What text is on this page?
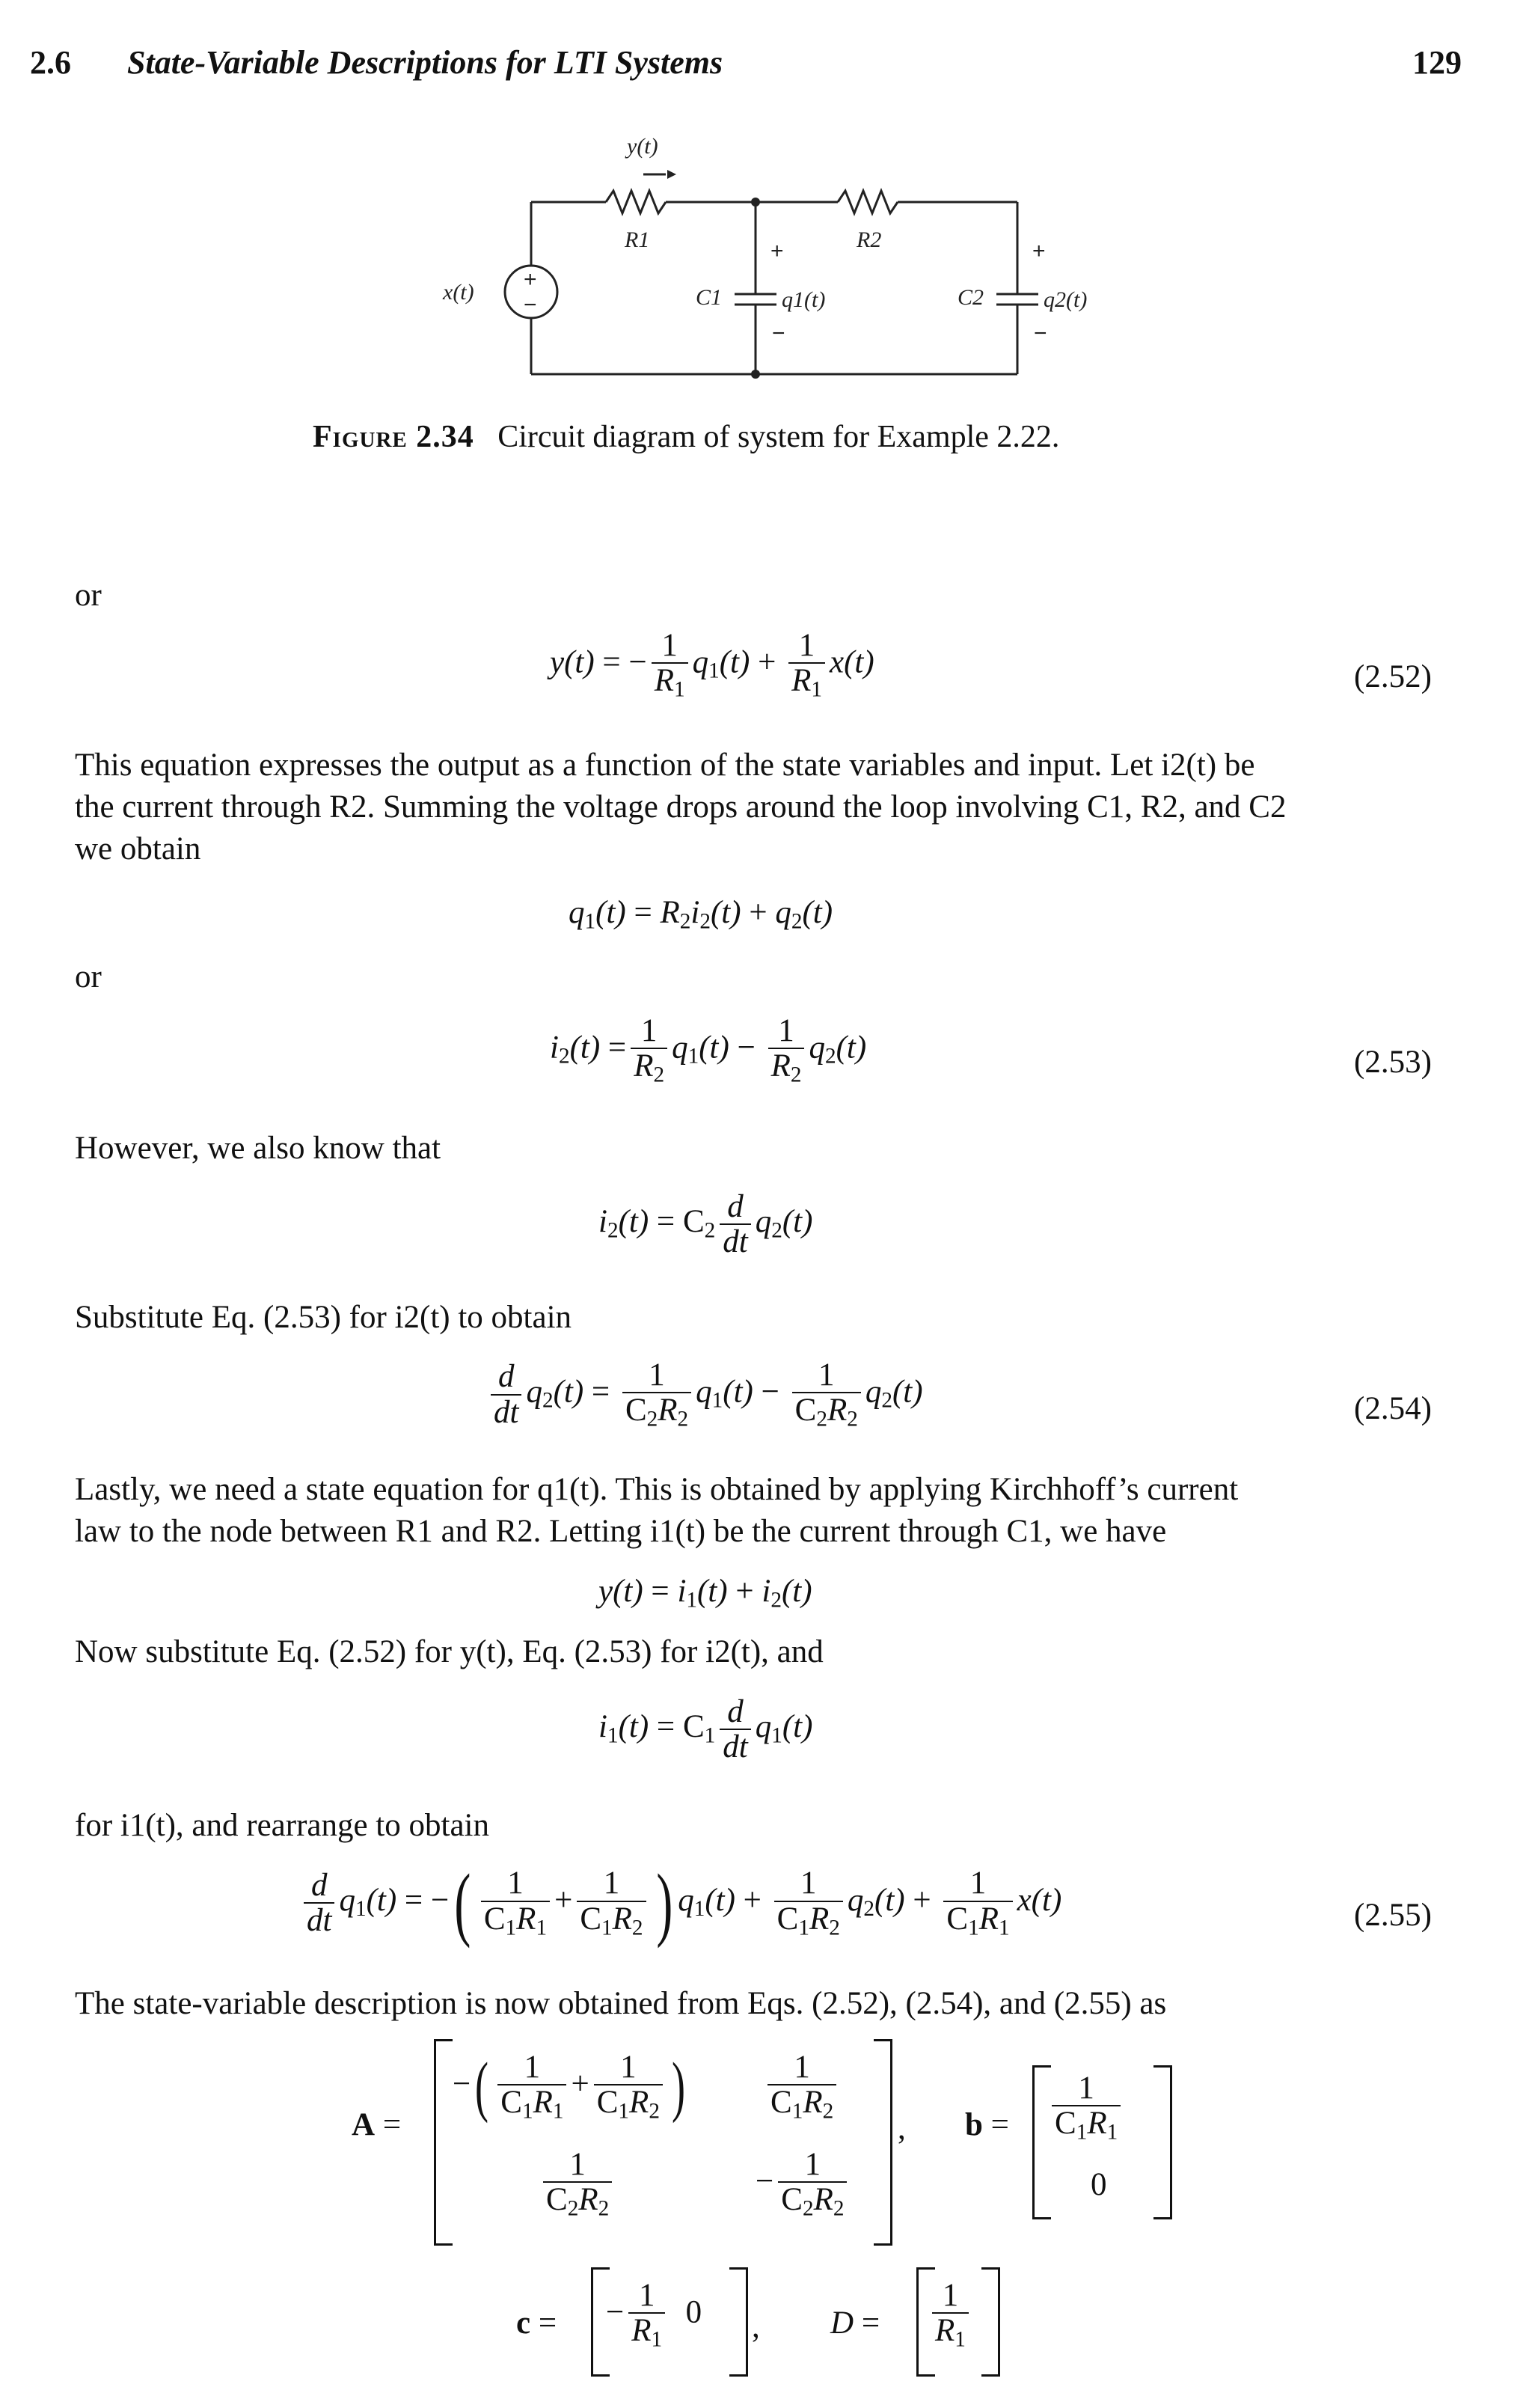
2.6 State-Variable Descriptions for LTI Systems	129
y(t)
x(t)
R1	R2
C1	C2
q1(t)	q2(t)
+
−
+
−
+
−
Figure 2.34 Circuit diagram of system for Example 2.22.
or
y(t) = − $\frac{1}{R_1} q_1(t) + \frac{1}{R_1} x(t)$	(2.52)
This equation expresses the output as a function of the state variables and input. Let i2(t) be
the current through R2. Summing the voltage drops around the loop involving C1, R2, and C2
we obtain
$q_1(t) = R_2i_2(t) + q_2(t)$
or
$i_2(t) = \frac{1}{R_2} q_1(t) - \frac{1}{R_2} q_2(t)$	(2.53)
However, we also know that
$i_2(t) = C_2 \frac{d}{dt} q_2(t)$
Substitute Eq. (2.53) for i2(t) to obtain
$\frac{d}{dt} q_2(t) = \frac{1}{C_2R_2} q_1(t) - \frac{1}{C_2R_2} q_2(t)$	(2.54)
Lastly, we need a state equation for q1(t). This is obtained by applying Kirchhoff’s current
law to the node between R1 and R2. Letting i1(t) be the current through C1, we have
$y(t) = i_1(t) + i_2(t)$
Now substitute Eq. (2.52) for y(t), Eq. (2.53) for i2(t), and
$i_1(t) = C_1 \frac{d}{dt} q_1(t)$
for i1(t), and rearrange to obtain
$\frac{d}{dt} q_1(t)$ = −( $\frac{1}{C_1R_1} + \frac{1}{C_1R_2}$ ) $q_1(t) + \frac{1}{C_1R_2} q_2(t) + \frac{1}{C_1R_1} x(t)$	(2.55)
The state-variable description is now obtained from Eqs. (2.52), (2.54), and (2.55) as
A =
−( $\frac{1}{C_1R_1} + \frac{1}{C_1R_2}$ )	$\frac{1}{C_1R_2}$
$\frac{1}{C_2R_2}$	− $\frac{1}{C_2R_2}$
, $b = \frac{1}{C_1R_1}$
0
c = − $\frac{1}{R_1} 0$ , $D = \frac{1}{R_1}$
